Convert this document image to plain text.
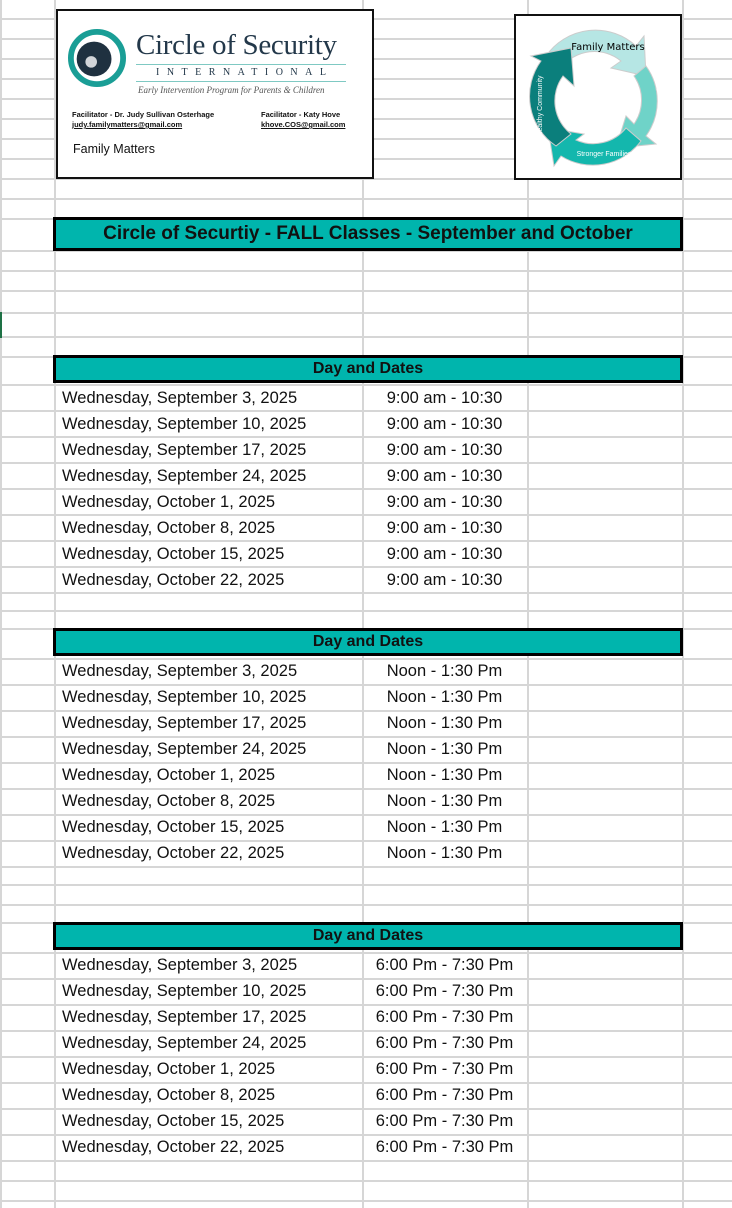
Circle of Security
INTERNATIONAL
Early Intervention Program for Parents & Children
Facilitator - Dr. Judy Sullivan Osterhage
judy.familymatters@gmail.com
Facilitator - Katy Hove
khove.COS@gmail.com
Family Matters
Family Matters
Strengthen Parents
Stronger Families
Healthy Community
Circle of Securtiy - FALL Classes - September and October
Day and Dates
Wednesday, September 3, 2025	9:00 am - 10:30
Wednesday, September 10, 2025	9:00 am - 10:30
Wednesday, September 17, 2025	9:00 am - 10:30
Wednesday, September 24, 2025	9:00 am - 10:30
Wednesday, October 1, 2025	9:00 am - 10:30
Wednesday, October 8, 2025	9:00 am - 10:30
Wednesday, October 15, 2025	9:00 am - 10:30
Wednesday, October 22, 2025	9:00 am - 10:30
Day and Dates
Wednesday, September 3, 2025	Noon - 1:30 Pm
Wednesday, September 10, 2025	Noon - 1:30 Pm
Wednesday, September 17, 2025	Noon - 1:30 Pm
Wednesday, September 24, 2025	Noon - 1:30 Pm
Wednesday, October 1, 2025	Noon - 1:30 Pm
Wednesday, October 8, 2025	Noon - 1:30 Pm
Wednesday, October 15, 2025	Noon - 1:30 Pm
Wednesday, October 22, 2025	Noon - 1:30 Pm
Day and Dates
Wednesday, September 3, 2025	6:00 Pm - 7:30 Pm
Wednesday, September 10, 2025	6:00 Pm - 7:30 Pm
Wednesday, September 17, 2025	6:00 Pm - 7:30 Pm
Wednesday, September 24, 2025	6:00 Pm - 7:30 Pm
Wednesday, October 1, 2025	6:00 Pm - 7:30 Pm
Wednesday, October 8, 2025	6:00 Pm - 7:30 Pm
Wednesday, October 15, 2025	6:00 Pm - 7:30 Pm
Wednesday, October 22, 2025	6:00 Pm - 7:30 Pm
